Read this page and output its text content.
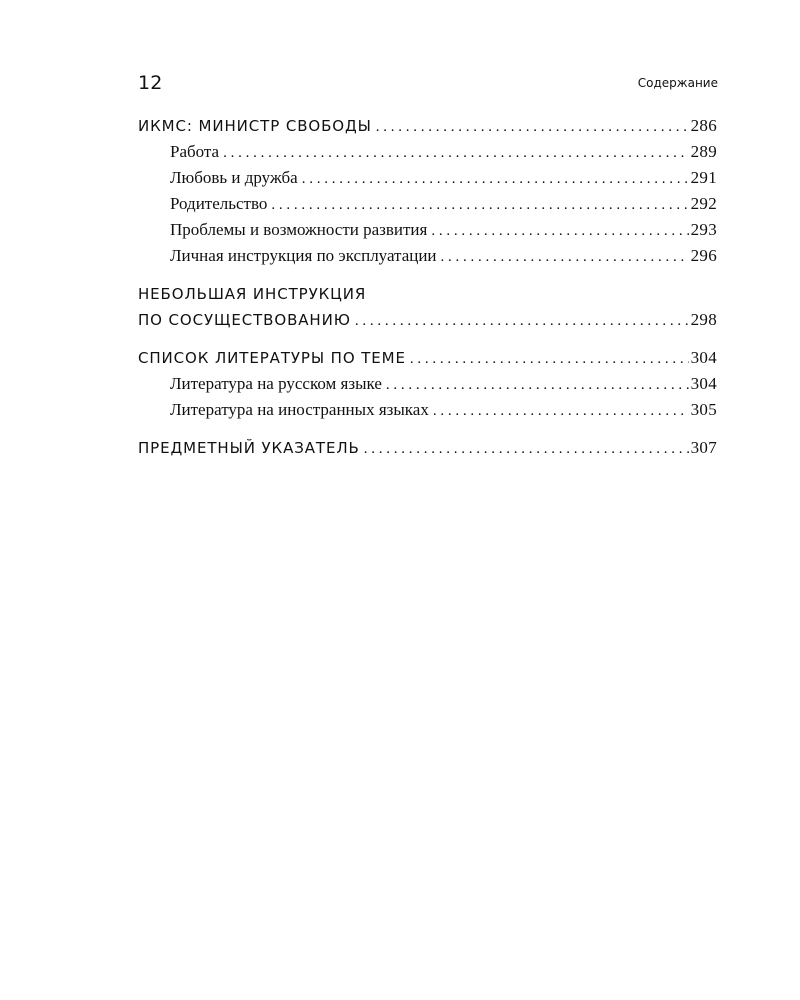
12	Содержание
ИКМС: МИНИСТР СВОБОДЫ . . .	286
Работа . . .	289
Любовь и дружба . . .	291
Родительство . . .	292
Проблемы и возможности развития . . .	293
Личная инструкция по эксплуатации . . .	296
НЕБОЛЬШАЯ ИНСТРУКЦИЯ
ПО СОСУЩЕСТВОВАНИЮ . . .	298
СПИСОК ЛИТЕРАТУРЫ ПО ТЕМЕ . . .	304
Литература на русском языке . . .	304
Литература на иностранных языках . . .	305
ПРЕДМЕТНЫЙ УКАЗАТЕЛЬ . . .	307
